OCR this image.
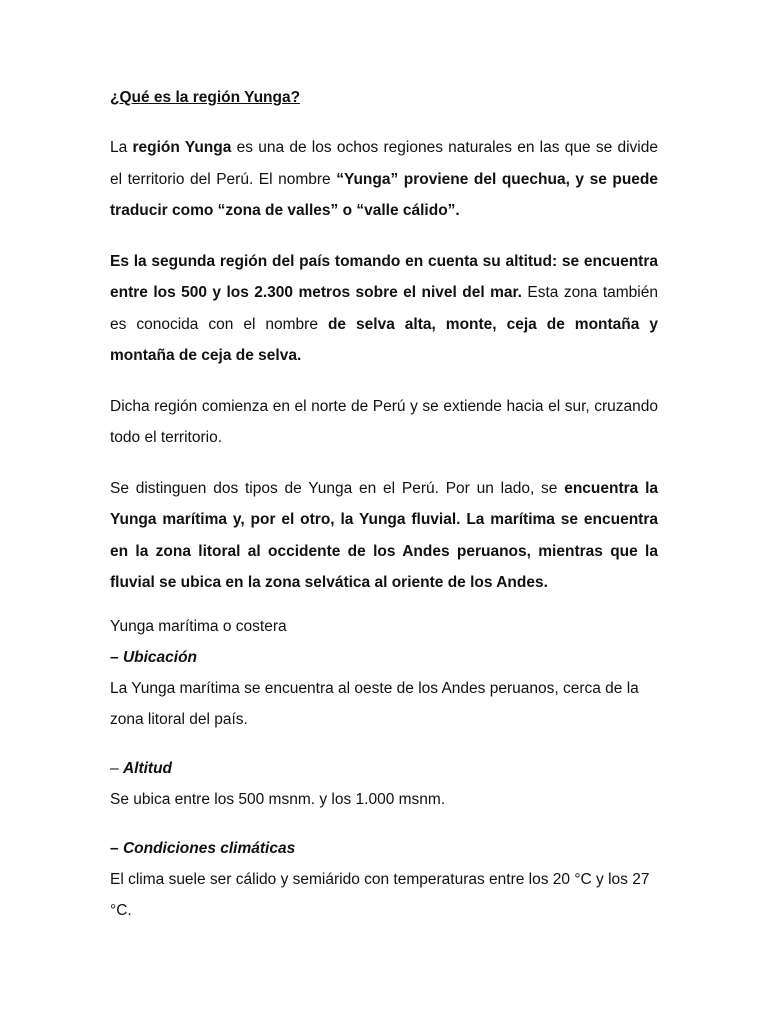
¿Qué es la región Yunga?

La región Yunga es una de los ochos regiones naturales en las que se divide el territorio del Perú. El nombre “Yunga” proviene del quechua, y se puede traducir como “zona de valles” o “valle cálido”.

Es la segunda región del país tomando en cuenta su altitud: se encuentra entre los 500 y los 2.300 metros sobre el nivel del mar. Esta zona también es conocida con el nombre de selva alta, monte, ceja de montaña y montaña de ceja de selva.

Dicha región comienza en el norte de Perú y se extiende hacia el sur, cruzando todo el territorio.

Se distinguen dos tipos de Yunga en el Perú. Por un lado, se encuentra la Yunga marítima y, por el otro, la Yunga fluvial. La marítima se encuentra en la zona litoral al occidente de los Andes peruanos, mientras que la fluvial se ubica en la zona selvática al oriente de los Andes.

Yunga marítima o costera

– Ubicación

La Yunga marítima se encuentra al oeste de los Andes peruanos, cerca de la zona litoral del país.

– Altitud

Se ubica entre los 500 msnm. y los 1.000 msnm.

– Condiciones climáticas

El clima suele ser cálido y semiárido con temperaturas entre los 20 °C y los 27 °C.
